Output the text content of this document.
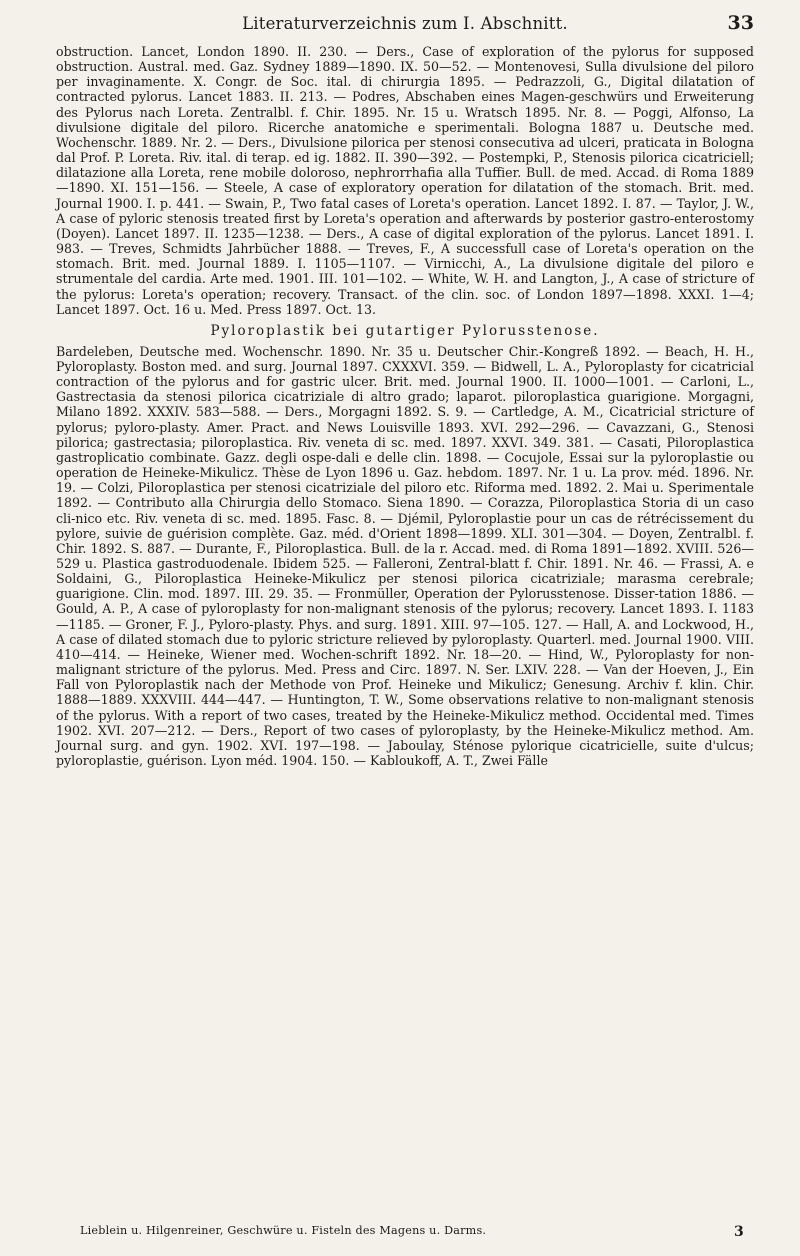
Literaturverzeichnis zum I. Abschnitt.	33

obstruction. Lancet, London 1890. II. 230. — Ders., Case of exploration of the pylorus for supposed obstruction. Austral. med. Gaz. Sydney 1889—1890. IX. 50—52. — Montenovesi, Sulla divulsione del piloro per invaginamente. X. Congr. de Soc. ital. di chirurgia 1895. — Pedrazzoli, G., Digital dilatation of contracted pylorus. Lancet 1883. II. 213. — Podres, Abschaben eines Magen-geschwürs und Erweiterung des Pylorus nach Loreta. Zentralbl. f. Chir. 1895. Nr. 15 u. Wratsch 1895. Nr. 8. — Poggi, Alfonso, La divulsione digitale del piloro. Ricerche anatomiche e sperimentali. Bologna 1887 u. Deutsche med. Wochenschr. 1889. Nr. 2. — Ders., Divulsione pilorica per stenosi consecutiva ad ulceri, praticata in Bologna dal Prof. P. Loreta. Riv. ital. di terap. ed ig. 1882. II. 390—392. — Postempki, P., Stenosis pilorica cicatriciell; dilatazione alla Loreta, rene mobile doloroso, nephrorrhafia alla Tuffier. Bull. de med. Accad. di Roma 1889—1890. XI. 151—156. — Steele, A case of exploratory operation for dilatation of the stomach. Brit. med. Journal 1900. I. p. 441. — Swain, P., Two fatal cases of Loreta's operation. Lancet 1892. I. 87. — Taylor, J. W., A case of pyloric stenosis treated first by Loreta's operation and afterwards by posterior gastro-enterostomy (Doyen). Lancet 1897. II. 1235—1238. — Ders., A case of digital exploration of the pylorus. Lancet 1891. I. 983. — Treves, Schmidts Jahrbücher 1888. — Treves, F., A successfull case of Loreta's operation on the stomach. Brit. med. Journal 1889. I. 1105—1107. — Virnicchi, A., La divulsione digitale del piloro e strumentale del cardia. Arte med. 1901. III. 101—102. — White, W. H. and Langton, J., A case of stricture of the pylorus: Loreta's operation; recovery. Transact. of the clin. soc. of London 1897—1898. XXXI. 1—4; Lancet 1897. Oct. 16 u. Med. Press 1897. Oct. 13.

Pyloroplastik bei gutartiger Pylorusstenose.

Bardeleben, Deutsche med. Wochenschr. 1890. Nr. 35 u. Deutscher Chir.-Kongreß 1892. — Beach, H. H., Pyloroplasty. Boston med. and surg. Journal 1897. CXXXVI. 359. — Bidwell, L. A., Pyloroplasty for cicatricial contraction of the pylorus and for gastric ulcer. Brit. med. Journal 1900. II. 1000—1001. — Carloni, L., Gastrectasia da stenosi pilorica cicatriziale di altro grado; laparot. piloroplastica guarigione. Morgagni, Milano 1892. XXXIV. 583—588. — Ders., Morgagni 1892. S. 9. — Cartledge, A. M., Cicatricial stricture of pylorus; pyloro-plasty. Amer. Pract. and News Louisville 1893. XVI. 292—296. — Cavazzani, G., Stenosi pilorica; gastrectasia; piloroplastica. Riv. veneta di sc. med. 1897. XXVI. 349. 381. — Casati, Piloroplastica gastroplicatio combinate. Gazz. degli ospe-dali e delle clin. 1898. — Cocujole, Essai sur la pyloroplastie ou operation de Heineke-Mikulicz. Thèse de Lyon 1896 u. Gaz. hebdom. 1897. Nr. 1 u. La prov. méd. 1896. Nr. 19. — Colzi, Piloroplastica per stenosi cicatriziale del piloro etc. Riforma med. 1892. 2. Mai u. Sperimentale 1892. — Contributo alla Chirurgia dello Stomaco. Siena 1890. — Corazza, Piloroplastica Storia di un caso cli-nico etc. Riv. veneta di sc. med. 1895. Fasc. 8. — Djémil, Pyloroplastie pour un cas de rétrécissement du pylore, suivie de guérision complète. Gaz. méd. d'Orient 1898—1899. XLI. 301—304. — Doyen, Zentralbl. f. Chir. 1892. S. 887. — Durante, F., Piloroplastica. Bull. de la r. Accad. med. di Roma 1891—1892. XVIII. 526—529 u. Plastica gastroduodenale. Ibidem 525. — Falleroni, Zentral-blatt f. Chir. 1891. Nr. 46. — Frassi, A. e Soldaini, G., Piloroplastica Heineke-Mikulicz per stenosi pilorica cicatriziale; marasma cerebrale; guarigione. Clin. mod. 1897. III. 29. 35. — Fronmüller, Operation der Pylorusstenose. Disser-tation 1886. — Gould, A. P., A case of pyloroplasty for non-malignant stenosis of the pylorus; recovery. Lancet 1893. I. 1183—1185. — Groner, F. J., Pyloro-plasty. Phys. and surg. 1891. XIII. 97—105. 127. — Hall, A. and Lockwood, H., A case of dilated stomach due to pyloric stricture relieved by pyloroplasty. Quarterl. med. Journal 1900. VIII. 410—414. — Heineke, Wiener med. Wochen-schrift 1892. Nr. 18—20. — Hind, W., Pyloroplasty for non-malignant stricture of the pylorus. Med. Press and Circ. 1897. N. Ser. LXIV. 228. — Van der Hoeven, J., Ein Fall von Pyloroplastik nach der Methode von Prof. Heineke und Mikulicz; Genesung. Archiv f. klin. Chir. 1888—1889. XXXVIII. 444—447. — Huntington, T. W., Some observations relative to non-malignant stenosis of the pylorus. With a report of two cases, treated by the Heineke-Mikulicz method. Occidental med. Times 1902. XVI. 207—212. — Ders., Report of two cases of pyloroplasty, by the Heineke-Mikulicz method. Am. Journal surg. and gyn. 1902. XVI. 197—198. — Jaboulay, Sténose pylorique cicatricielle, suite d'ulcus; pyloroplastie, guérison. Lyon méd. 1904. 150. — Kabloukoff, A. T., Zwei Fälle

Lieblein u. Hilgenreiner, Geschwüre u. Fisteln des Magens u. Darms.	3
